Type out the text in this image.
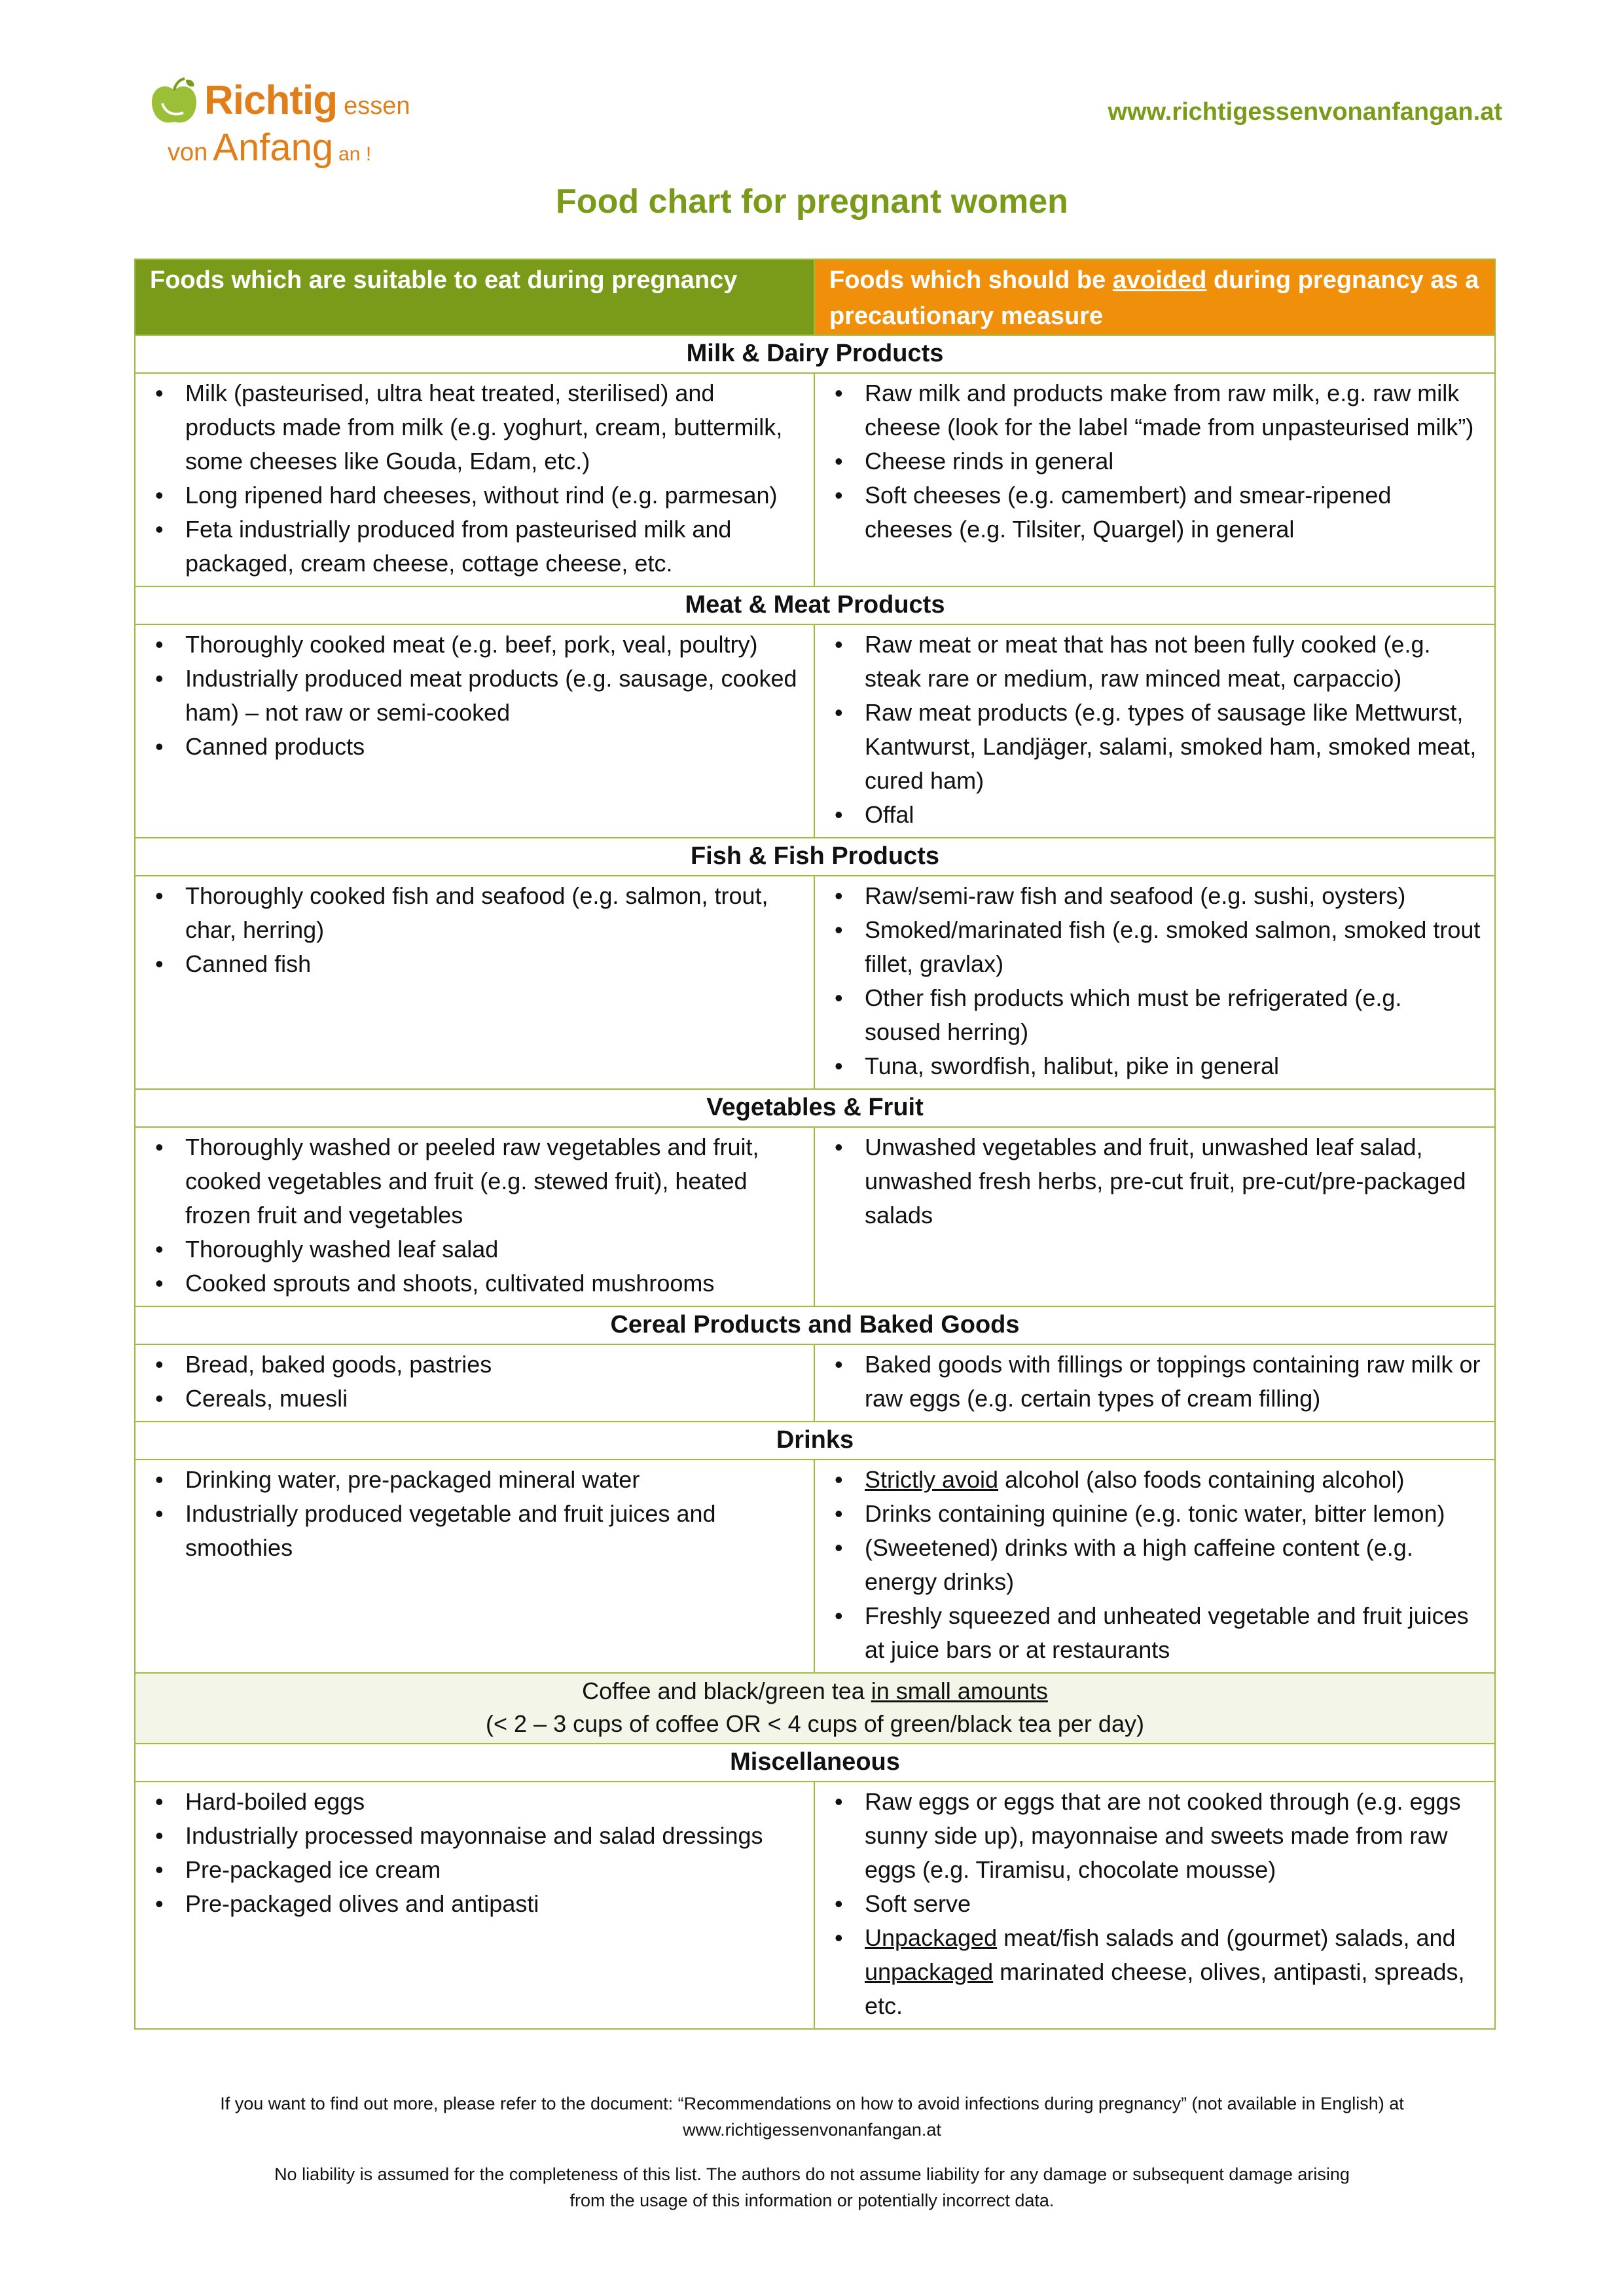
Richtig essen
von Anfang an !
www.richtigessenvonanfangan.at
Food chart for pregnant women
Foods which are suitable to eat during pregnancy	Foods which should be avoided during pregnancy as a precautionary measure
Milk & Dairy Products
• Milk (pasteurised, ultra heat treated, sterilised) and products made from milk (e.g. yoghurt, cream, buttermilk, some cheeses like Gouda, Edam, etc.)
• Long ripened hard cheeses, without rind (e.g. parmesan)
• Feta industrially produced from pasteurised milk and packaged, cream cheese, cottage cheese, etc.
• Raw milk and products make from raw milk, e.g. raw milk cheese (look for the label “made from unpasteurised milk”)
• Cheese rinds in general
• Soft cheeses (e.g. camembert) and smear-ripened cheeses (e.g. Tilsiter, Quargel) in general
Meat & Meat Products
• Thoroughly cooked meat (e.g. beef, pork, veal, poultry)
• Industrially produced meat products (e.g. sausage, cooked ham) – not raw or semi-cooked
• Canned products
• Raw meat or meat that has not been fully cooked (e.g. steak rare or medium, raw minced meat, carpaccio)
• Raw meat products (e.g. types of sausage like Mettwurst, Kantwurst, Landjäger, salami, smoked ham, smoked meat, cured ham)
• Offal
Fish & Fish Products
• Thoroughly cooked fish and seafood (e.g. salmon, trout, char, herring)
• Canned fish
• Raw/semi-raw fish and seafood (e.g. sushi, oysters)
• Smoked/marinated fish (e.g. smoked salmon, smoked trout fillet, gravlax)
• Other fish products which must be refrigerated (e.g. soused herring)
• Tuna, swordfish, halibut, pike in general
Vegetables & Fruit
• Thoroughly washed or peeled raw vegetables and fruit, cooked vegetables and fruit (e.g. stewed fruit), heated frozen fruit and vegetables
• Thoroughly washed leaf salad
• Cooked sprouts and shoots, cultivated mushrooms
• Unwashed vegetables and fruit, unwashed leaf salad, unwashed fresh herbs, pre-cut fruit, pre-cut/pre-packaged salads
Cereal Products and Baked Goods
• Bread, baked goods, pastries
• Cereals, muesli
• Baked goods with fillings or toppings containing raw milk or raw eggs (e.g. certain types of cream filling)
Drinks
• Drinking water, pre-packaged mineral water
• Industrially produced vegetable and fruit juices and smoothies
• Strictly avoid alcohol (also foods containing alcohol)
• Drinks containing quinine (e.g. tonic water, bitter lemon)
• (Sweetened) drinks with a high caffeine content (e.g. energy drinks)
• Freshly squeezed and unheated vegetable and fruit juices at juice bars or at restaurants
Coffee and black/green tea in small amounts
(< 2 – 3 cups of coffee OR < 4 cups of green/black tea per day)
Miscellaneous
• Hard-boiled eggs
• Industrially processed mayonnaise and salad dressings
• Pre-packaged ice cream
• Pre-packaged olives and antipasti
• Raw eggs or eggs that are not cooked through (e.g. eggs sunny side up), mayonnaise and sweets made from raw eggs (e.g. Tiramisu, chocolate mousse)
• Soft serve
• Unpackaged meat/fish salads and (gourmet) salads, and unpackaged marinated cheese, olives, antipasti, spreads, etc.
If you want to find out more, please refer to the document: “Recommendations on how to avoid infections during pregnancy” (not available in English) at
www.richtigessenvonanfangan.at
No liability is assumed for the completeness of this list. The authors do not assume liability for any damage or subsequent damage arising
from the usage of this information or potentially incorrect data.
